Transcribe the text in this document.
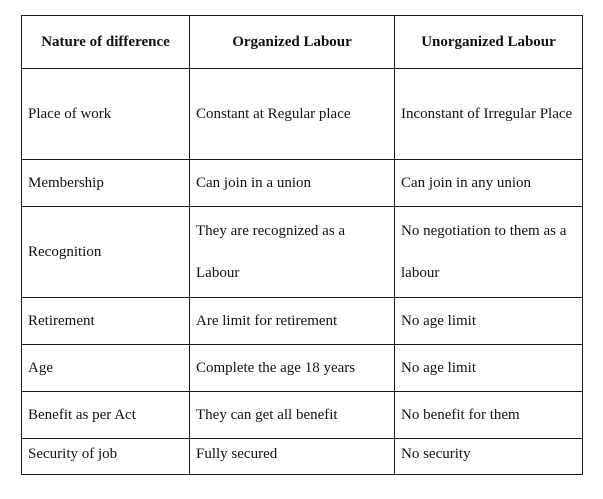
Nature of difference	Organized Labour	Unorganized Labour
Place of work	Constant at Regular place	Inconstant of Irregular Place
Membership	Can join in a union	Can join in any union
Recognition	They are recognized as a Labour	No negotiation to them as a labour
Retirement	Are limit for retirement	No age limit
Age	Complete the age 18 years	No age limit
Benefit as per Act	They can get all benefit	No benefit for them
Security of job	Fully secured	No security
